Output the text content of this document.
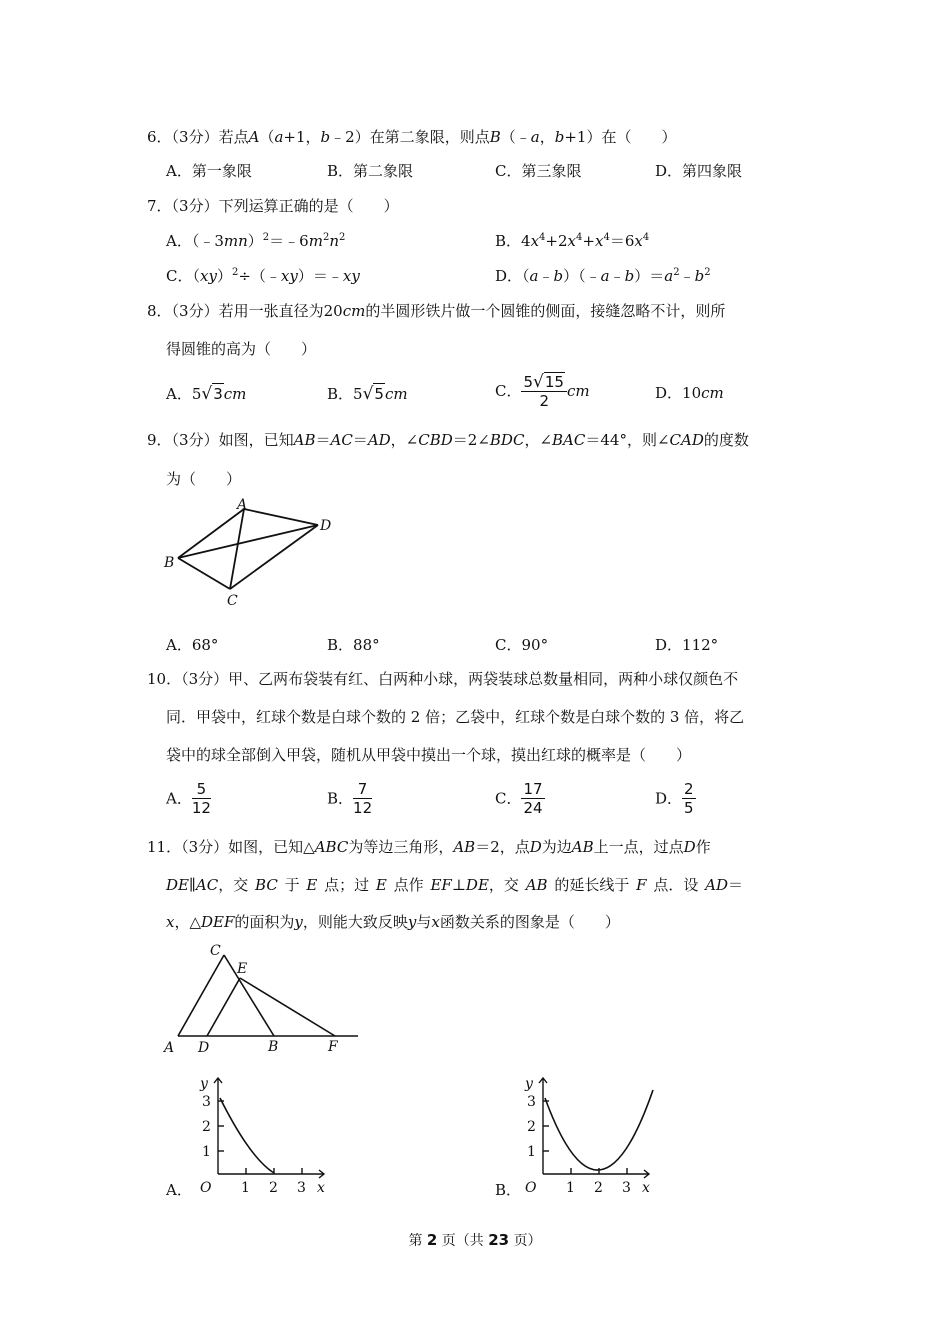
6．（3分）若点A（a+1，b﹣2）在第二象限，则点B（﹣a，b+1）在（　　）
A．第一象限	B．第二象限	C．第三象限	D．第四象限
7．（3分）下列运算正确的是（　　）
A．$(﹣3mn)^2=﹣6m^2n^2$	B．$4x^4+2x^4+x^4=6x^4$
C．（xy）$^2$÷（﹣xy）＝﹣xy	D．$(a﹣b)(﹣a﹣b)=a^2﹣b^2$
8．（3分）若用一张直径为20cm的半圆形铁片做一个圆锥的侧面，接缝忽略不计，则所
得圆锥的高为（　　）
A．5√3cm	B．5√5cm	C． $\frac{5√15}{2}$ cm	D．10cm
9．（3分）如图，已知AB＝AC＝AD，∠CBD＝2∠BDC，∠BAC＝44°，则∠CAD的度数
为（　　）
A
B
C
D
A．68°	B．88°	C．90°	D．112°
10．（3分）甲、乙两布袋装有红、白两种小球，两袋装球总数量相同，两种小球仅颜色不
同．甲袋中，红球个数是白球个数的 2 倍；乙袋中，红球个数是白球个数的 3 倍，将乙
袋中的球全部倒入甲袋，随机从甲袋中摸出一个球，摸出红球的概率是（　　）
A． $\frac{5}{12}$	B． $\frac{7}{12}$	C． $\frac{17}{24}$	D． $\frac{2}{5}$
11．（3分）如图，已知△ABC为等边三角形，AB＝2，点D为边AB上一点，过点D作
DE∥AC，交 BC 于 E 点；过 E 点作 EF⊥DE，交 AB 的延长线于 F 点．设 AD＝
x，△DEF的面积为y，则能大致反映y与x函数关系的图象是（　　）
C
E
A D	B	F
A．
y
O	x
3
2
1
1 2 3	B．
y
O	x
3
2
1
1 2 3
第 2 页（共 23 页）
